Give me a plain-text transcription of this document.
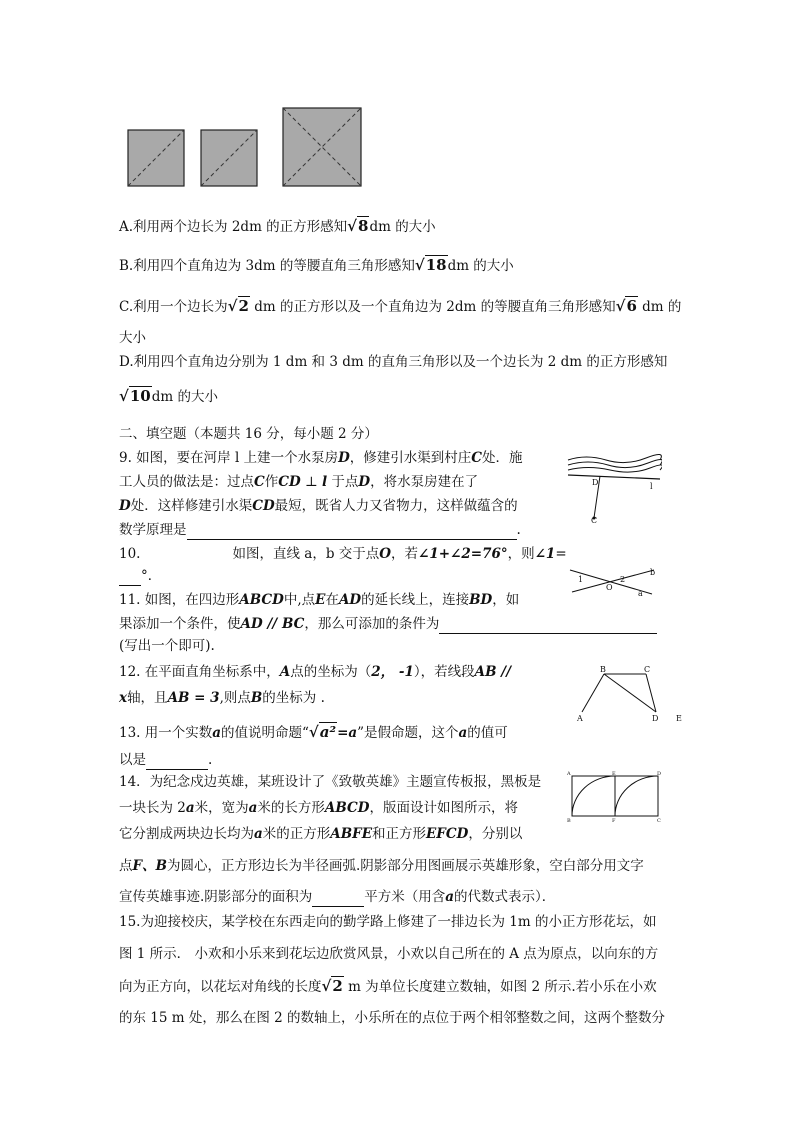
A.利用两个边长为 2dm 的正方形感知√8dm 的大小
B.利用四个直角边为 3dm 的等腰直角三角形感知√18dm 的大小
C.利用一个边长为√2 dm 的正方形以及一个直角边为 2dm 的等腰直角三角形感知√6 dm 的
大小
D.利用四个直角边分别为 1 dm 和 3 dm 的直角三角形以及一个边长为 2 dm 的正方形感知
√10dm 的大小
二、填空题（本题共 16 分，每小题 2 分）
9. 如图，要在河岸 l 上建一个水泵房D，修建引水渠到村庄C处．施
工人员的做法是：过点C作CD ⊥ l 于点D，将水泵房建在了
D处．这样修建引水渠CD最短，既省人力又省物力，这样做蕴含的
数学原理是	.
D	l
C
10.	如图，直线 a，b 交于点O，若∠1+∠2=76°，则∠1=
°．	1
O
2
b
a
11. 如图，在四边形ABCD中,点E在AD的延长线上，连接BD，如
果添加一个条件，使AD // BC，那么可添加的条件为
(写出一个即可).
B	C
A	D E
12. 在平面直角坐标系中，A点的坐标为（2， -1），若线段AB //
x轴，且AB = 3,则点B的坐标为 .
13. 用一个实数a的值说明命题“√a²=a”是假命题，这个a的值可
以是	.
14．为纪念戍边英雄，某班设计了《致敬英雄》主题宣传板报，黑板是
一块长为 2a米，宽为a米的长方形ABCD，版面设计如图所示，将
它分割成两块边长均为a米的正方形ABFE和正方形EFCD，分别以
点F、B为圆心，正方形边长为半径画弧.阴影部分用图画展示英雄形象，空白部分用文字
宣传英雄事迹.阴影部分的面积为	平方米（用含a的代数式表示）．
A	E	D
B	F	C
15.为迎接校庆，某学校在东西走向的勤学路上修建了一排边长为 1m 的小正方形花坛，如
图 1 所示． 小欢和小乐来到花坛边欣赏风景，小欢以自己所在的 A 点为原点，以向东的方
向为正方向，以花坛对角线的长度√2 m 为单位长度建立数轴，如图 2 所示.若小乐在小欢
的东 15 m 处，那么在图 2 的数轴上，小乐所在的点位于两个相邻整数之间，这两个整数分
